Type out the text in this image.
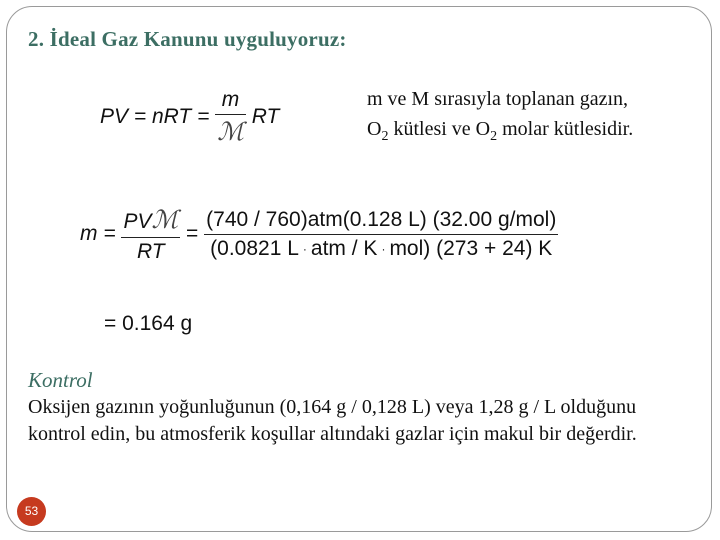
2. İdeal Gaz Kanunu uyguluyoruz:
PV = nRT = $\frac{m}{\text{ℳ}}$ RT
m ve M sırasıyla toplanan gazın,
$O_2$ kütlesi ve $O_2$ molar kütlesidir.
$m = \frac{\text{PVℳ}}{RT} = \frac{\text{(740 / 760)atm(0.128 L) (32.00 g/mol)}}{\text{(0.0821 L · atm / K · mol) (273 + 24) K}}$
= 0.164 g
Kontrol
Oksijen gazının yoğunluğunun (0,164 g / 0,128 L) veya 1,28 g / L olduğunu kontrol edin, bu atmosferik koşullar altındaki gazlar için makul bir değerdir.
53
